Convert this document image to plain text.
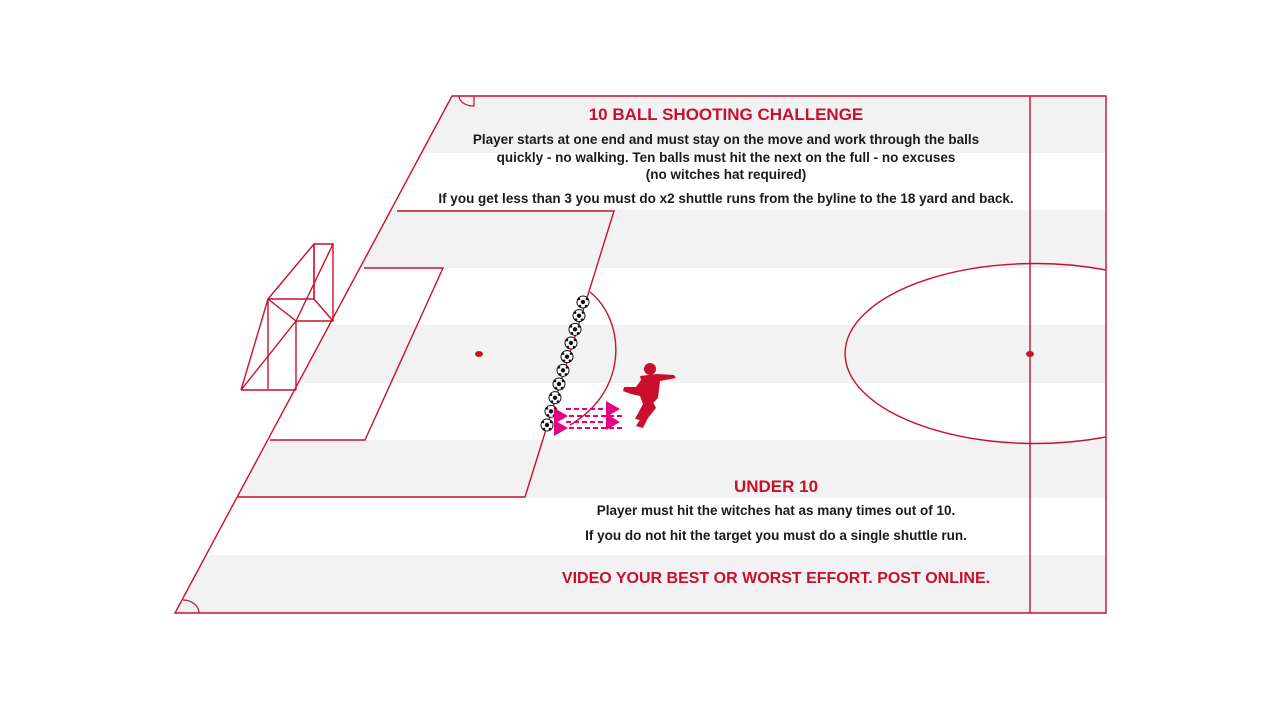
10 BALL SHOOTING CHALLENGE
Player starts at one end and must stay on the move and work through the balls
quickly - no walking. Ten balls must hit the next on the full - no excuses
(no witches hat required)
If you get less than 3 you must do x2 shuttle runs from the byline to the 18 yard and back.
UNDER 10
Player must hit the witches hat as many times out of 10.
If you do not hit the target you must do a single shuttle run.
VIDEO YOUR BEST OR WORST EFFORT. POST ONLINE.
